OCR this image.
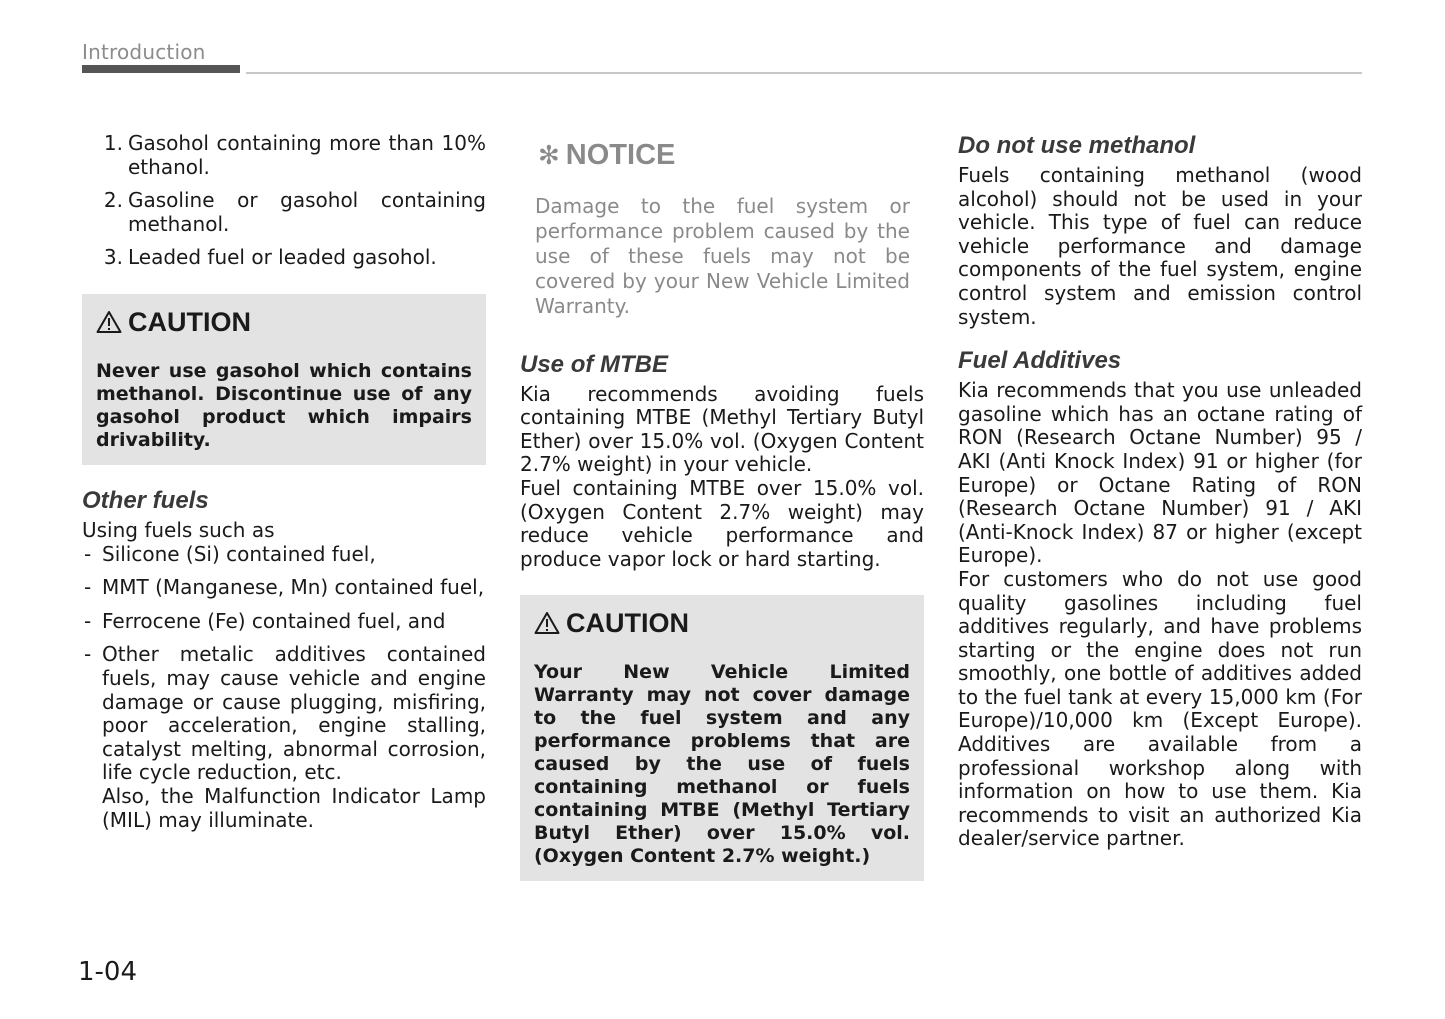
Introduction
1. Gasohol containing more than 10% ethanol.
2. Gasoline or gasohol containing methanol.
3. Leaded fuel or leaded gasohol.
CAUTION
Never use gasohol which contains methanol. Discontinue use of any gasohol product which impairs drivability.
Other fuels
Using fuels such as
- Silicone (Si) contained fuel,
- MMT (Manganese, Mn) contained fuel,
- Ferrocene (Fe) contained fuel, and
- Other metalic additives contained fuels, may cause vehicle and engine damage or cause plugging, misfiring, poor acceleration, engine stalling, catalyst melting, abnormal corrosion, life cycle reduction, etc.
Also, the Malfunction Indicator Lamp (MIL) may illuminate.
✻ NOTICE
Damage to the fuel system or performance problem caused by the use of these fuels may not be covered by your New Vehicle Limited Warranty.
Use of MTBE
Kia recommends avoiding fuels containing MTBE (Methyl Tertiary Butyl Ether) over 15.0% vol. (Oxygen Content 2.7% weight) in your vehicle.
Fuel containing MTBE over 15.0% vol. (Oxygen Content 2.7% weight) may reduce vehicle performance and produce vapor lock or hard starting.
CAUTION
Your New Vehicle Limited Warranty may not cover damage to the fuel system and any performance problems that are caused by the use of fuels containing methanol or fuels containing MTBE (Methyl Tertiary Butyl Ether) over 15.0% vol. (Oxygen Content 2.7% weight.)
Do not use methanol
Fuels containing methanol (wood alcohol) should not be used in your vehicle. This type of fuel can reduce vehicle performance and damage components of the fuel system, engine control system and emission control system.
Fuel Additives
Kia recommends that you use unleaded gasoline which has an octane rating of RON (Research Octane Number) 95 / AKI (Anti Knock Index) 91 or higher (for Europe) or Octane Rating of RON (Research Octane Number) 91 / AKI (Anti-Knock Index) 87 or higher (except Europe).
For customers who do not use good quality gasolines including fuel additives regularly, and have problems starting or the engine does not run smoothly, one bottle of additives added to the fuel tank at every 15,000 km (For Europe)/10,000 km (Except Europe). Additives are available from a professional workshop along with information on how to use them. Kia recommends to visit an authorized Kia dealer/service partner.
1-04
